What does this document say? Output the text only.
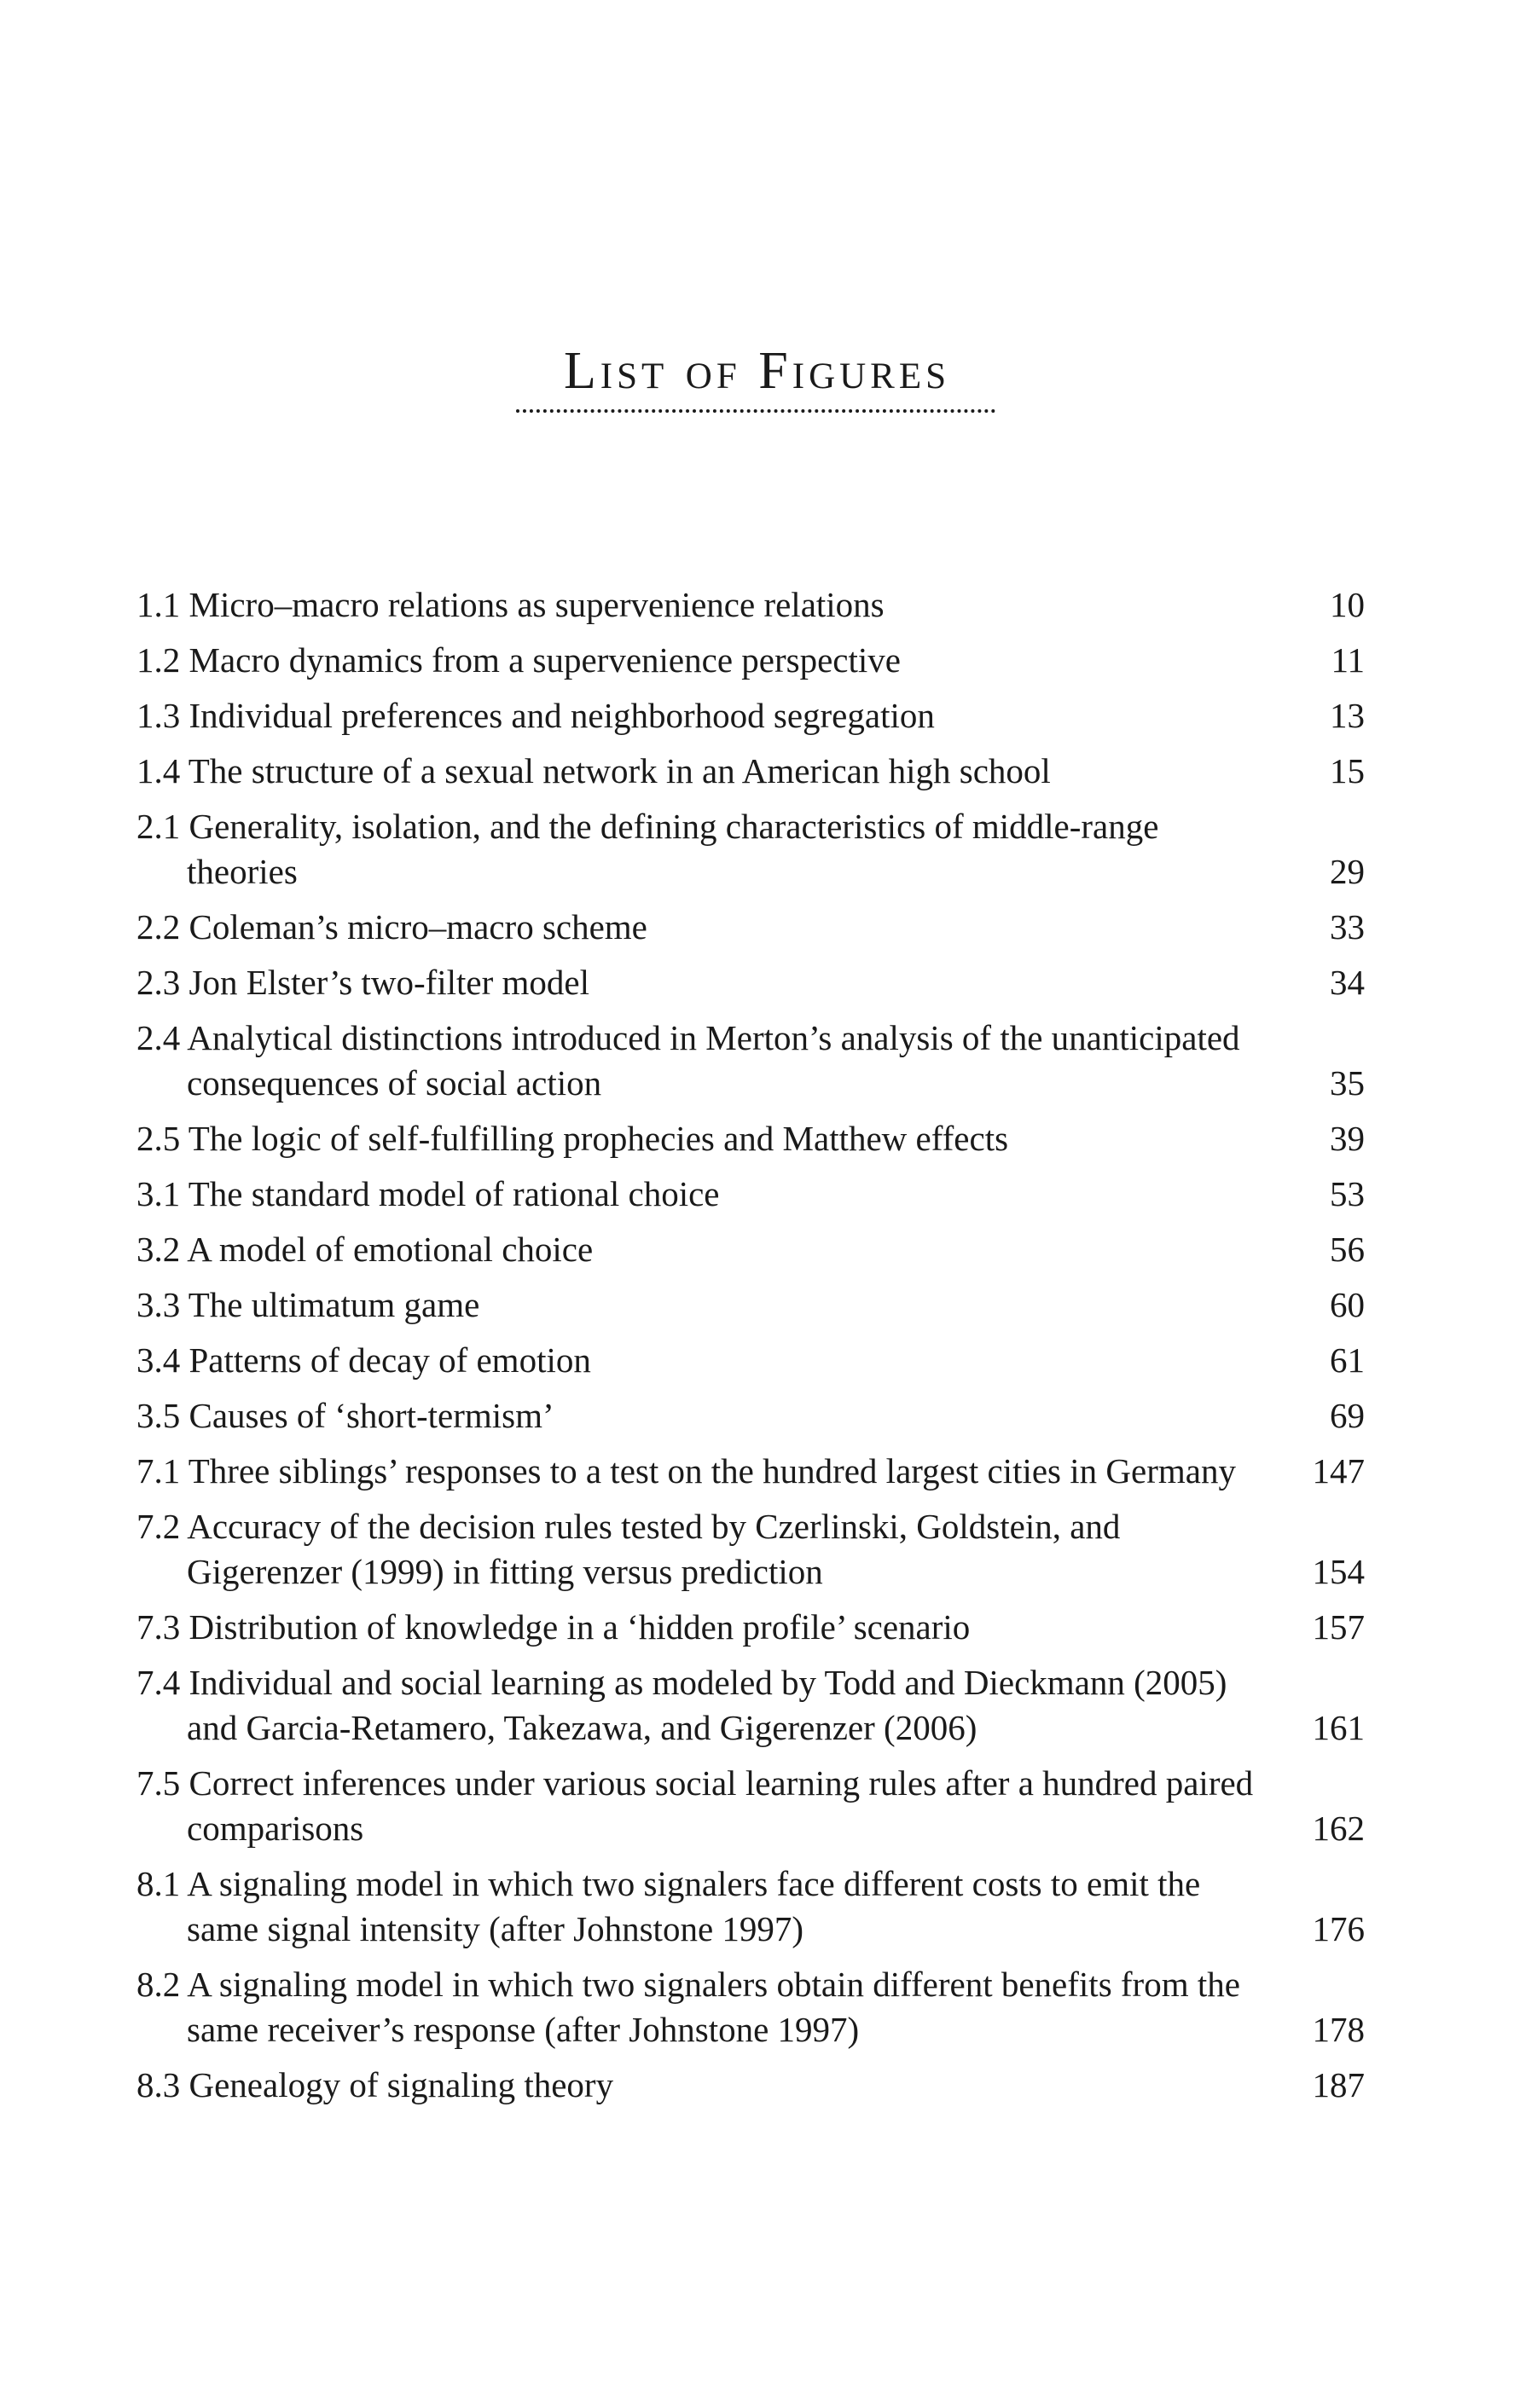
List of Figures
1.1 Micro–macro relations as supervenience relations	10
1.2 Macro dynamics from a supervenience perspective	11
1.3 Individual preferences and neighborhood segregation	13
1.4 The structure of a sexual network in an American high school	15
2.1 Generality, isolation, and the defining characteristics of middle-range theories	29
2.2 Coleman’s micro–macro scheme	33
2.3 Jon Elster’s two-filter model	34
2.4 Analytical distinctions introduced in Merton’s analysis of the unanticipated consequences of social action	35
2.5 The logic of self-fulfilling prophecies and Matthew effects	39
3.1 The standard model of rational choice	53
3.2 A model of emotional choice	56
3.3 The ultimatum game	60
3.4 Patterns of decay of emotion	61
3.5 Causes of ‘short-termism’	69
7.1 Three siblings’ responses to a test on the hundred largest cities in Germany	147
7.2 Accuracy of the decision rules tested by Czerlinski, Goldstein, and Gigerenzer (1999) in fitting versus prediction	154
7.3 Distribution of knowledge in a ‘hidden profile’ scenario	157
7.4 Individual and social learning as modeled by Todd and Dieckmann (2005) and Garcia-Retamero, Takezawa, and Gigerenzer (2006)	161
7.5 Correct inferences under various social learning rules after a hundred paired comparisons	162
8.1 A signaling model in which two signalers face different costs to emit the same signal intensity (after Johnstone 1997)	176
8.2 A signaling model in which two signalers obtain different benefits from the same receiver’s response (after Johnstone 1997)	178
8.3 Genealogy of signaling theory	187
